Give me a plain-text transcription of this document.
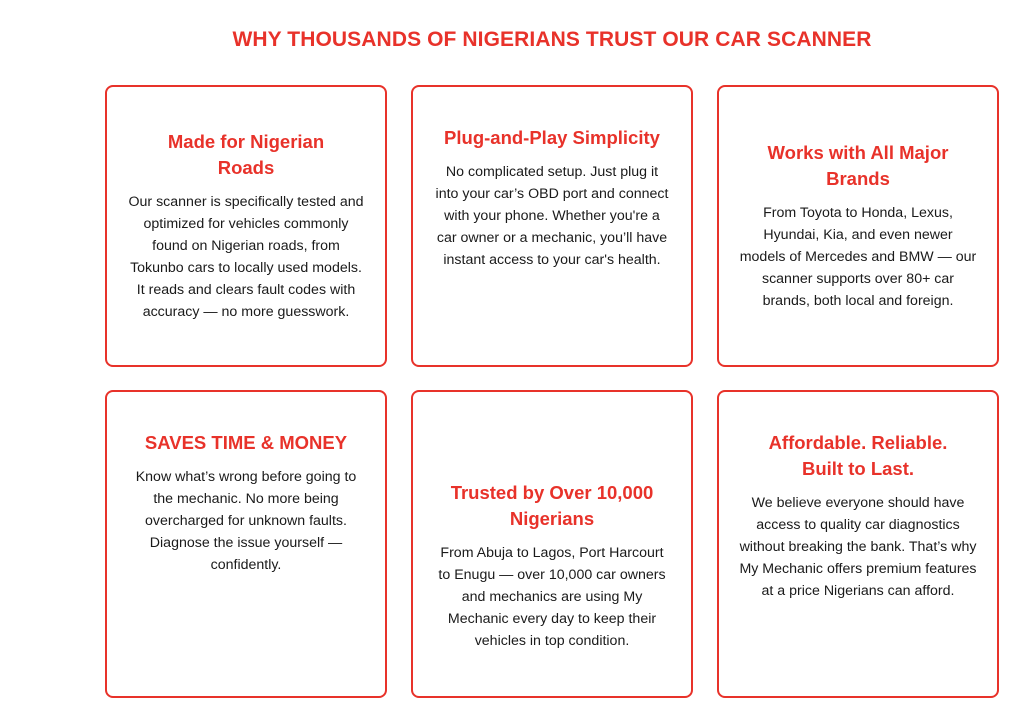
WHY THOUSANDS OF NIGERIANS TRUST OUR CAR SCANNER
Made for Nigerian Roads

Our scanner is specifically tested and optimized for vehicles commonly found on Nigerian roads, from Tokunbo cars to locally used models. It reads and clears fault codes with accuracy — no more guesswork.

Plug-and-Play Simplicity

No complicated setup. Just plug it into your car’s OBD port and connect with your phone. Whether you're a car owner or a mechanic, you’ll have instant access to your car's health.

Works with All Major Brands

From Toyota to Honda, Lexus, Hyundai, Kia, and even newer models of Mercedes and BMW — our scanner supports over 80+ car brands, both local and foreign.

SAVES TIME & MONEY

Know what’s wrong before going to the mechanic. No more being overcharged for unknown faults. Diagnose the issue yourself — confidently.

Trusted by Over 10,000 Nigerians

From Abuja to Lagos, Port Harcourt to Enugu — over 10,000 car owners and mechanics are using My Mechanic every day to keep their vehicles in top condition.

Affordable. Reliable. Built to Last.

We believe everyone should have access to quality car diagnostics without breaking the bank. That’s why My Mechanic offers premium features at a price Nigerians can afford.
